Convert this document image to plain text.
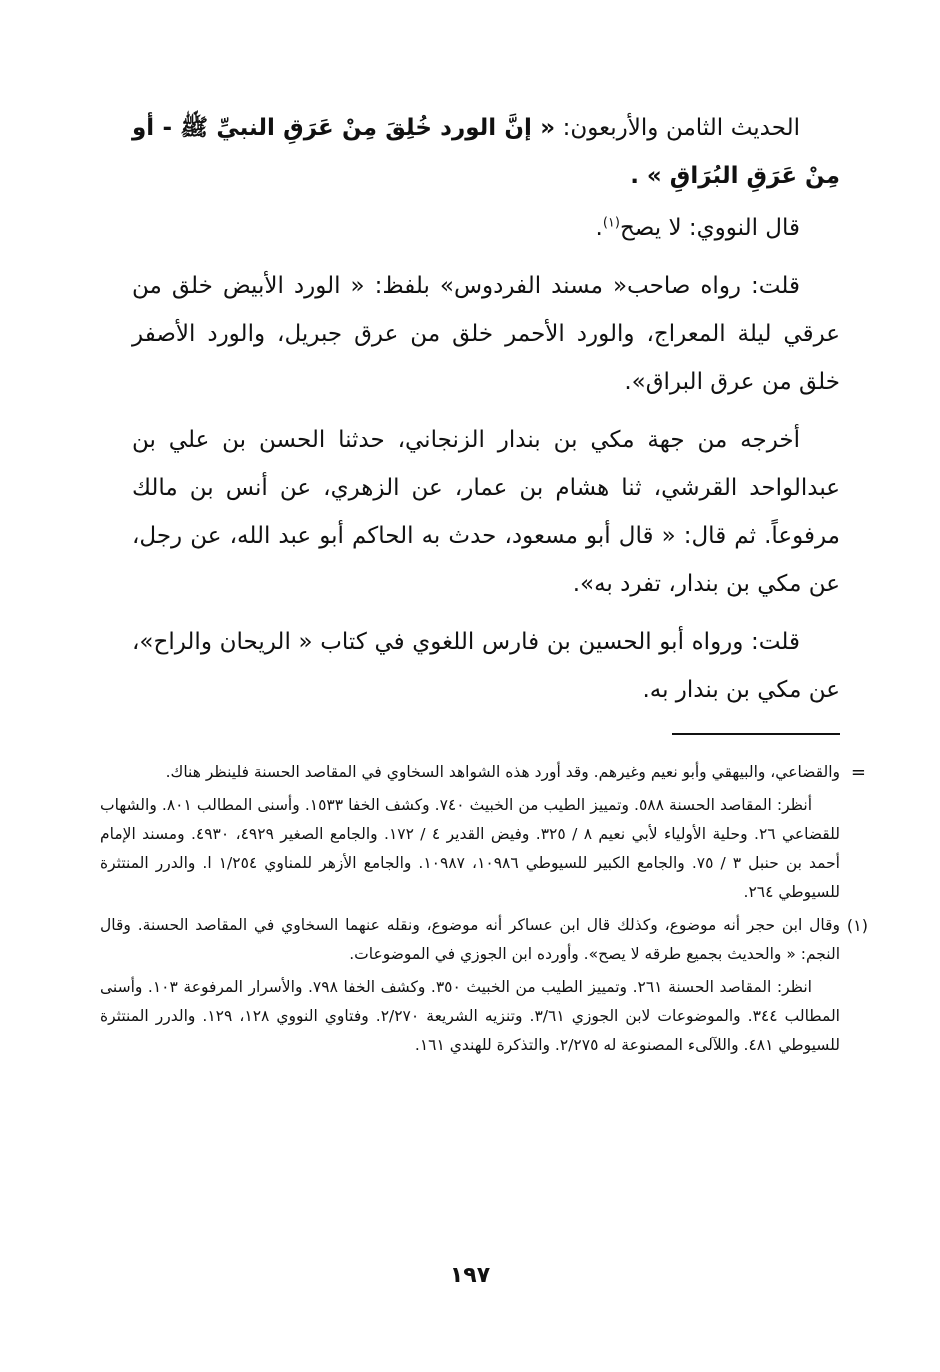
الحديث الثامن والأربعون: « إنَّ الورد خُلِقَ مِنْ عَرَقِ النبيِّ ﷺ - أو مِنْ عَرَقِ البُرَاقِ » .

قال النووي: لا يصح$^{(١)}$.

قلت: رواه صاحب« مسند الفردوس» بلفظ: « الورد الأبيض خلق من عرقي ليلة المعراج، والورد الأحمر خلق من عرق جبريل، والورد الأصفر خلق من عرق البراق».

أخرجه من جهة مكي بن بندار الزنجاني، حدثنا الحسن بن علي بن عبدالواحد القرشي، ثنا هشام بن عمار، عن الزهري، عن أنس بن مالك مرفوعاً. ثم قال: « قال أبو مسعود، حدث به الحاكم أبو عبد الله، عن رجل، عن مكي بن بندار، تفرد به».

قلت: ورواه أبو الحسين بن فارس اللغوي في كتاب « الريحان والراح»، عن مكي بن بندار به.

=
والقضاعي، والبيهقي وأبو نعيم وغيرهم. وقد أورد هذه الشواهد السخاوي في المقاصد الحسنة فلينظر هناك.

أنظر: المقاصد الحسنة ٥٨٨. وتمييز الطيب من الخبيث ٧٤٠. وكشف الخفا ١٥٣٣. وأسنى المطالب ٨٠١. والشهاب للقضاعي ٢٦. وحلية الأولياء لأبي نعيم ٨ / ٣٢٥. وفيض القدير ٤ / ١٧٢. والجامع الصغير ٤٩٢٩، ٤٩٣٠. ومسند الإمام أحمد بن حنبل ٣ / ٧٥. والجامع الكبير للسيوطي ١٠٩٨٦، ١٠٩٨٧. والجامع الأزهر للمناوي ١/٢٥٤ ا. والدرر المنتثرة للسيوطي ٢٦٤.

(١)
وقال ابن حجر أنه موضوع، وكذلك قال ابن عساكر أنه موضوع، ونقله عنهما السخاوي في المقاصد الحسنة. وقال النجم: « والحديث بجميع طرقه لا يصح». وأورده ابن الجوزي في الموضوعات.

انظر: المقاصد الحسنة ٢٦١. وتمييز الطيب من الخبيث ٣٥٠. وكشف الخفا ٧٩٨. والأسرار المرفوعة ١٠٣. وأسنى المطالب ٣٤٤. والموضوعات لابن الجوزي ٣/٦١. وتنزيه الشريعة ٢/٢٧٠. وفتاوي النووي ١٢٨، ١٢٩. والدرر المنتثرة للسيوطي ٤٨١. واللآلىء المصنوعة له ٢/٢٧٥. والتذكرة للهندي ١٦١.

١٩٧
